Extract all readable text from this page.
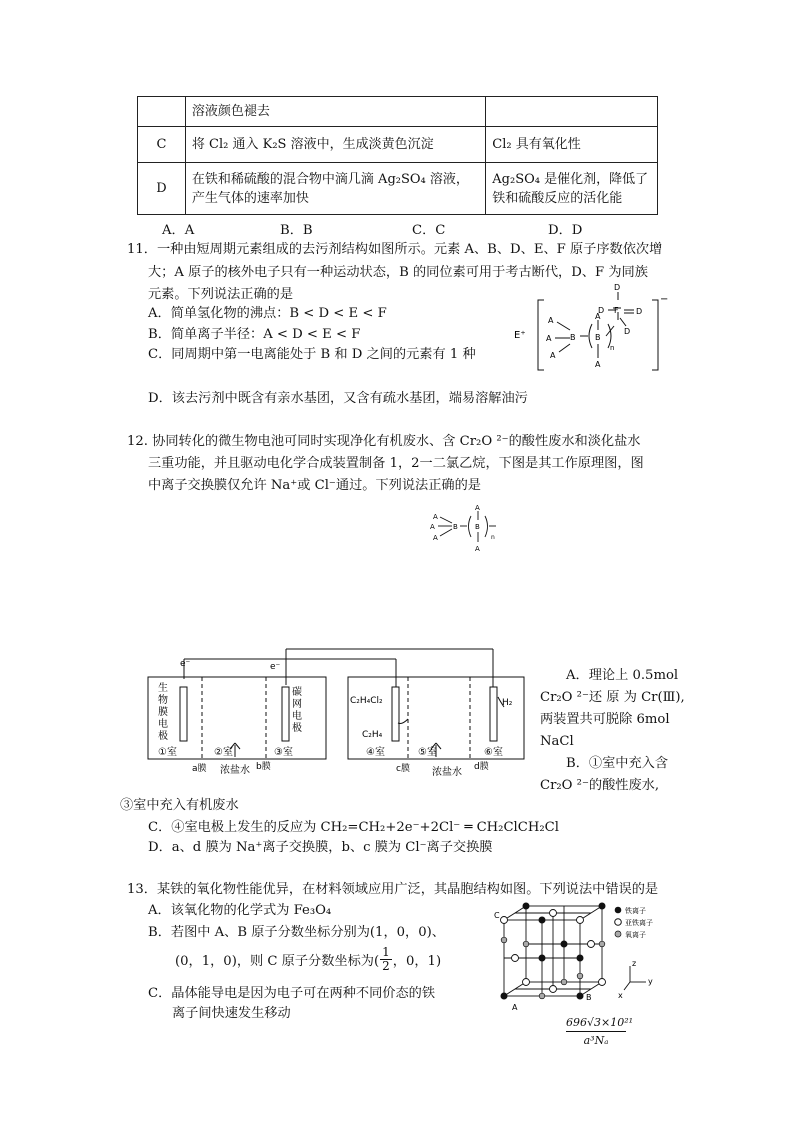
	溶液颜色褪去	
C	将 Cl₂ 通入 K₂S 溶液中，生成淡黄色沉淀	Cl₂ 具有氧化性
D	在铁和稀硫酸的混合物中滴几滴 Ag₂SO₄ 溶液，产生气体的速率加快	Ag₂SO₄ 是催化剂，降低了铁和硫酸反应的活化能
A．A	B．B	C．C	D．D
11．一种由短周期元素组成的去污剂结构如图所示。元素 A、B、D、E、F 原子序数依次增
大；A 原子的核外电子只有一种运动状态，B 的同位素可用于考古断代，D、F 为同族
元素。下列说法正确的是
A．简单氢化物的沸点：B < D < E < F
B．简单离子半径：A < D < E < F
C．同周期中第一电离能处于 B 和 D 之间的元素有 1 种
D．该去污剂中既含有亲水基团，又含有疏水基团，端易溶解油污
E⁺
−
A
A
A
B
A
B
A
n
D
D F D
D
12. 协同转化的微生物电池可同时实现净化有机废水、含 Cr₂O ²⁻的酸性废水和淡化盐水
三重功能，并且驱动电化学合成装置制备 1，2一二氯乙烷，下图是其工作原理图，图
中离子交换膜仅允许 Na⁺或 Cl⁻通过。下列说法正确的是
A
A
A
B
A
B
A
n
e⁻	e⁻
生物膜电极
碳网电极
C₂H₄Cl₂
C₂H₄
H₂
①室	②室	③室	④室	⑤室	⑥室
a膜	b膜
浓盐水	c膜	d膜
浓盐水
A．理论上 0.5mol
Cr₂O ²⁻还 原 为 Cr(Ⅲ),
两装置共可脱除 6mol
NaCl
B．①室中充入含
Cr₂O ²⁻的酸性废水,
③室中充入有机废水
C．④室电极上发生的反应为 CH₂=CH₂+2e⁻+2Cl⁻ ═ CH₂ClCH₂Cl
D．a、d 膜为 Na⁺离子交换膜，b、c 膜为 Cl⁻离子交换膜
13．某铁的氧化物性能优异，在材料领域应用广泛，其晶胞结构如图。下列说法中错误的是
A．该氧化物的化学式为 Fe₃O₄
B．若图中 A、B 原子分数坐标分别为(1，0，0)、
(0，1，0)，则 C 原子分数坐标为( $\frac{1}{2}$ ，0，1)
C．晶体能导电是因为电子可在两种不同价态的铁
离子间快速发生移动
铁离子
亚铁离子
氧离子
z
y
x
C
B
A
$\frac{\text{696√3×10²¹}}{\text{a³Nₐ}}$
